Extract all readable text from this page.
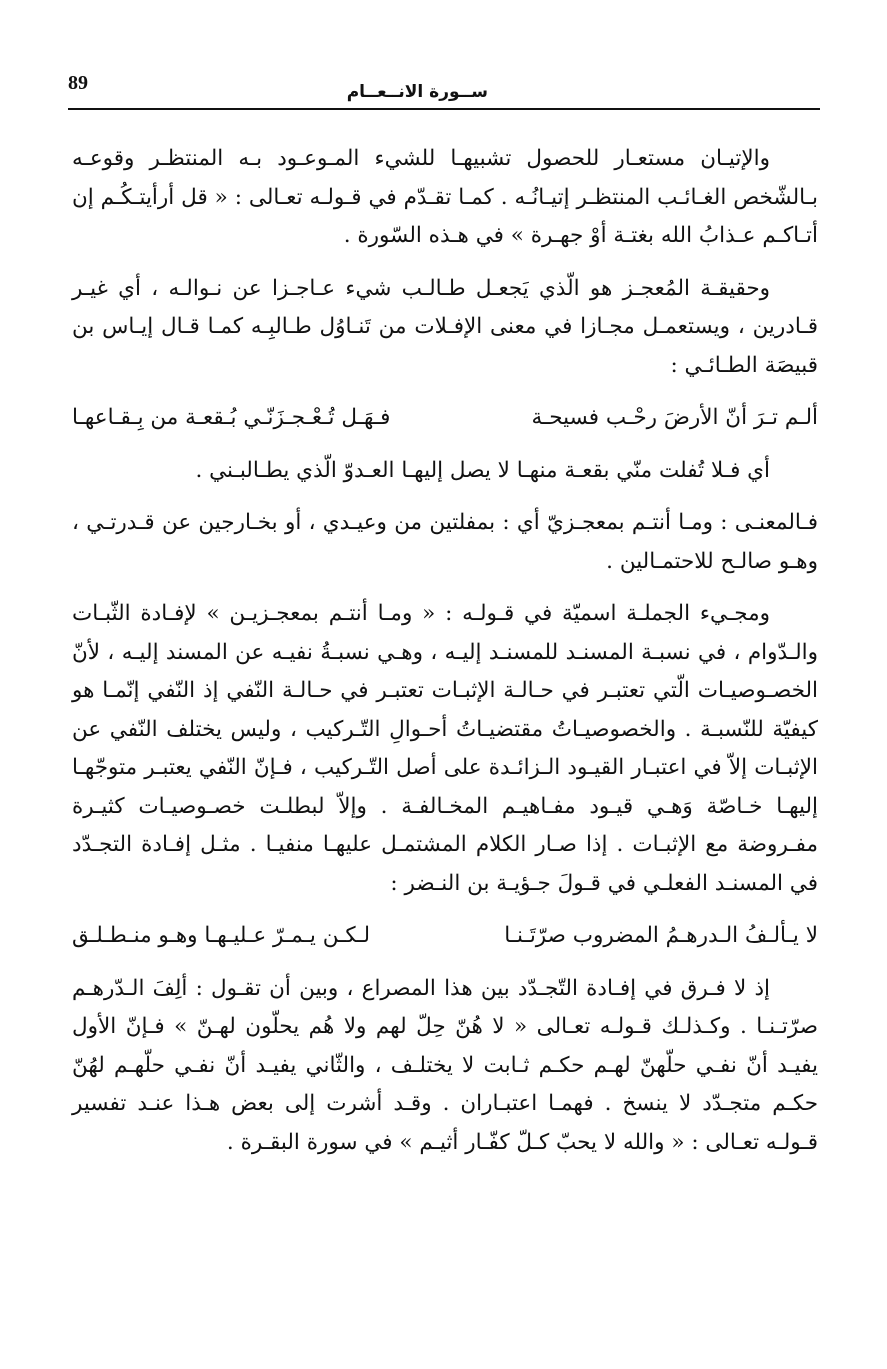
89	ســورة الانــعــام

والإتيـان مستعـار للحصول تشبيهـا للشيء المـوعـود بـه المنتظـر وقوعـه بـالشّخص الغـائـب المنتظـر إتيـانُـه . كمـا تقـدّم في قـولـه تعـالى : « قل أرأيتـكُـم إن أتـاكـم عـذابُ الله بغتـة أوْ جهـرة » في هـذه السّورة .

وحقيقـة المُعجـز هو الّذي يَجعـل طـالـب شيء عـاجـزا عن نـوالـه ، أي غيـر قـادرين ، ويستعمـل مجـازا في معنى الإفـلات من تَنـاوُل طـالبِـه كمـا قـال إيـاس بن قبيصَة الطـائـي :

ألـم تـرَ أنّ الأرضَ رحْـب فسيحـة
فـهَـل تُـعْـجـزَنّـي بُـقعـة من بِـقـاعهـا

أي فـلا تُفلت منّي بقعـة منهـا لا يصل إليهـا العـدوّ الّذي يطـالبـني .

فـالمعنـى : ومـا أنتـم بمعجـزيّ أي : بمفلتين من وعيـدي ، أو بخـارجين عن قـدرتـي ، وهـو صالـح للاحتمـالين .

ومجـيء الجملـة اسميّة في قـولـه : « ومـا أنتـم بمعجـزيـن » لإفـادة الثّبـات والـدّوام ، في نسبـة المسنـد للمسنـد إليـه ، وهـي نسبـةُ نفيـه عن المسند إليـه ، لأنّ الخصـوصيـات الّتي تعتبـر في حـالـة الإثبـات تعتبـر في حـالـة النّفي إذ النّفي إنّمـا هو كيفيّة للنّسبـة . والخصوصيـاتُ مقتضيـاتُ أحـوالِ التّـركيب ، وليس يختلف النّفي عن الإثبـات إلاّ في اعتبـار القيـود الـزائـدة على أصل التّـركيب ، فـإنّ النّفي يعتبـر متوجّهـا إليهـا خـاصّة وَهـي قيـود مفـاهيـم المخـالفـة . وإلاّ لبطلـت خصـوصيـات كثيـرة مفـروضة مع الإثبـات . إذا صـار الكلام المشتمـل عليهـا منفيـا . مثـل إفـادة التجـدّد في المسنـد الفعلـي في قـولَ جـؤيـة بن النـضر :

لا يـألـفُ الـدرهـمُ المضروب صرّتَـنـا
لـكـن يـمـرّ عـليـهـا وهـو منـطـلـق

إذ لا فـرق في إفـادة التّجـدّد بين هذا المصراع ، وبين أن تقـول : ألِفَ الـدّرهـم صرّتـنـا . وكـذلـك قـولـه تعـالى « لا هُنّ حِلّ لهم ولا هُم يحلّون لهـنّ » فـإنّ الأول يفيـد أنّ نفـي حلّهنّ لهـم حكـم ثـابت لا يختلـف ، والثّاني يفيـد أنّ نفـي حلّهـم لهُنّ حكـم متجـدّد لا ينسخ . فهمـا اعتبـاران . وقـد أشرت إلى بعض هـذا عنـد تفسير قـولـه تعـالى : « والله لا يحبّ كـلّ كفّـار أثيـم » في سورة البقـرة .
